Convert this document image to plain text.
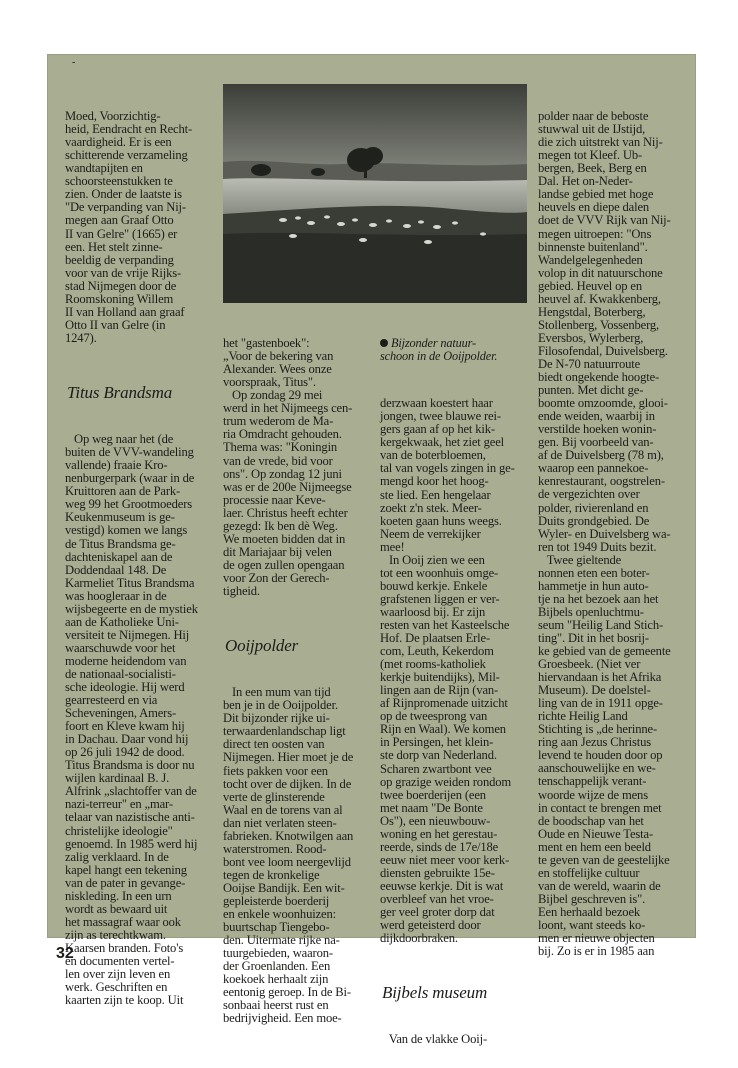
-

Moed, Voorzichtig-
heid, Eendracht en Recht-
vaardigheid. Er is een
schitterende verzameling
wandtapijten en
schoorsteenstukken te
zien. Onder de laatste is
"De verpanding van Nij-
megen aan Graaf Otto
II van Gelre" (1665) er
een. Het stelt zinne-
beeldig de verpanding
voor van de vrije Rijks-
stad Nijmegen door de
Roomskoning Willem
II van Holland aan graaf
Otto II van Gelre (in
1247).

Titus Brandsma

Op weg naar het (de
buiten de VVV-wandeling
vallende) fraaie Kro-
nenburgerpark (waar in de
Kruittoren aan de Park-
weg 99 het Grootmoeders
Keukenmuseum is ge-
vestigd) komen we langs
de Titus Brandsma ge-
dachteniskapel aan de
Doddendaal 148. De
Karmeliet Titus Brandsma
was hoogleraar in de
wijsbegeerte en de mystiek
aan de Katholieke Uni-
versiteit te Nijmegen. Hij
waarschuwde voor het
moderne heidendom van
de nationaal-socialisti-
sche ideologie. Hij werd
gearresteerd en via
Scheveningen, Amers-
foort en Kleve kwam hij
in Dachau. Daar vond hij
op 26 juli 1942 de dood.
Titus Brandsma is door nu
wijlen kardinaal B. J.
Alfrink „slachtoffer van de
nazi-terreur" en „mar-
telaar van nazistische anti-
christelijke ideologie"
genoemd. In 1985 werd hij
zalig verklaard. In de
kapel hangt een tekening
van de pater in gevange-
niskleding. In een urn
wordt as bewaard uit
het massagraf waar ook
zijn as terechtkwam.
Kaarsen branden. Foto's
en documenten vertel-
len over zijn leven en
werk. Geschriften en
kaarten zijn te koop. Uit

het "gastenboek":
„Voor de bekering van
Alexander. Wees onze
voorspraak, Titus".
Op zondag 29 mei
werd in het Nijmeegs cen-
trum wederom de Ma-
ria Omdracht gehouden.
Thema was: "Koningin
van de vrede, bid voor
ons". Op zondag 12 juni
was er de 200e Nijmeegse
processie naar Keve-
laer. Christus heeft echter
gezegd: Ik ben dè Weg.
We moeten bidden dat in
dit Mariajaar bij velen
de ogen zullen opengaan
voor Zon der Gerech-
tigheid.

Ooijpolder

In een mum van tijd
ben je in de Ooijpolder.
Dit bijzonder rijke ui-
terwaardenlandschap ligt
direct ten oosten van
Nijmegen. Hier moet je de
fiets pakken voor een
tocht over de dijken. In de
verte de glinsterende
Waal en de torens van al
dan niet verlaten steen-
fabrieken. Knotwilgen aan
waterstromen. Rood-
bont vee loom neergevlijd
tegen de kronkelige
Ooijse Bandijk. Een wit-
gepleisterde boerderij
en enkele woonhuizen:
buurtschap Tiengebo-
den. Uitermate rijke na-
tuurgebieden, waaron-
der Groenlanden. Een
koekoek herhaalt zijn
eentonig geroep. In de Bi-
sonbaai heerst rust en
bedrijvigheid. Een moe-

Bijzonder natuur-
schoon in de Ooijpolder.

derzwaan koestert haar
jongen, twee blauwe rei-
gers gaan af op het kik-
kergekwaak, het ziet geel
van de boterbloemen,
tal van vogels zingen in ge-
mengd koor het hoog-
ste lied. Een hengelaar
zoekt z'n stek. Meer-
koeten gaan huns weegs.
Neem de verrekijker
mee!
In Ooij zien we een
tot een woonhuis omge-
bouwd kerkje. Enkele
grafstenen liggen er ver-
waarloosd bij. Er zijn
resten van het Kasteelsche
Hof. De plaatsen Erle-
com, Leuth, Kekerdom
(met rooms-katholiek
kerkje buitendijks), Mil-
lingen aan de Rijn (van-
af Rijnpromenade uitzicht
op de tweesprong van
Rijn en Waal). We komen
in Persingen, het klein-
ste dorp van Nederland.
Scharen zwartbont vee
op grazige weiden rondom
twee boerderijen (een
met naam "De Bonte
Os"), een nieuwbouw-
woning en het gerestau-
reerde, sinds de 17e/18e
eeuw niet meer voor kerk-
diensten gebruikte 15e-
eeuwse kerkje. Dit is wat
overbleef van het vroe-
ger veel groter dorp dat
werd geteisterd door
dijkdoorbraken.

Bijbels museum

Van de vlakke Ooij-

polder naar de beboste
stuwwal uit de IJstijd,
die zich uitstrekt van Nij-
megen tot Kleef. Ub-
bergen, Beek, Berg en
Dal. Het on-Neder-
landse gebied met hoge
heuvels en diepe dalen
doet de VVV Rijk van Nij-
megen uitroepen: "Ons
binnenste buitenland".
Wandelgelegenheden
volop in dit natuurschone
gebied. Heuvel op en
heuvel af. Kwakkenberg,
Hengstdal, Boterberg,
Stollenberg, Vossenberg,
Eversbos, Wylerberg,
Filosofendal, Duivelsberg.
De N-70 natuurroute
biedt ongekende hoogte-
punten. Met dicht ge-
boomte omzoomde, glooi-
ende weiden, waarbij in
verstilde hoeken wonin-
gen. Bij voorbeeld van-
af de Duivelsberg (78 m),
waarop een pannekoe-
kenrestaurant, oogstrelen-
de vergezichten over
polder, rivierenland en
Duits grondgebied. De
Wyler- en Duivelsberg wa-
ren tot 1949 Duits bezit.
Twee gieltende
nonnen eten een boter-
hammetje in hun auto-
tje na het bezoek aan het
Bijbels openluchtmu-
seum "Heilig Land Stich-
ting". Dit in het bosrij-
ke gebied van de gemeente
Groesbeek. (Niet ver
hiervandaan is het Afrika
Museum). De doelstel-
ling van de in 1911 opge-
richte Heilig Land
Stichting is „de herinne-
ring aan Jezus Christus
levend te houden door op
aanschouwelijke en we-
tenschappelijk verant-
woorde wijze de mens
in contact te brengen met
de boodschap van het
Oude en Nieuwe Testa-
ment en hem een beeld
te geven van de geestelijke
en stoffelijke cultuur
van de wereld, waarin de
Bijbel geschreven is".
Een herhaald bezoek
loont, want steeds ko-
men er nieuwe objecten
bij. Zo is er in 1985 aan

32
